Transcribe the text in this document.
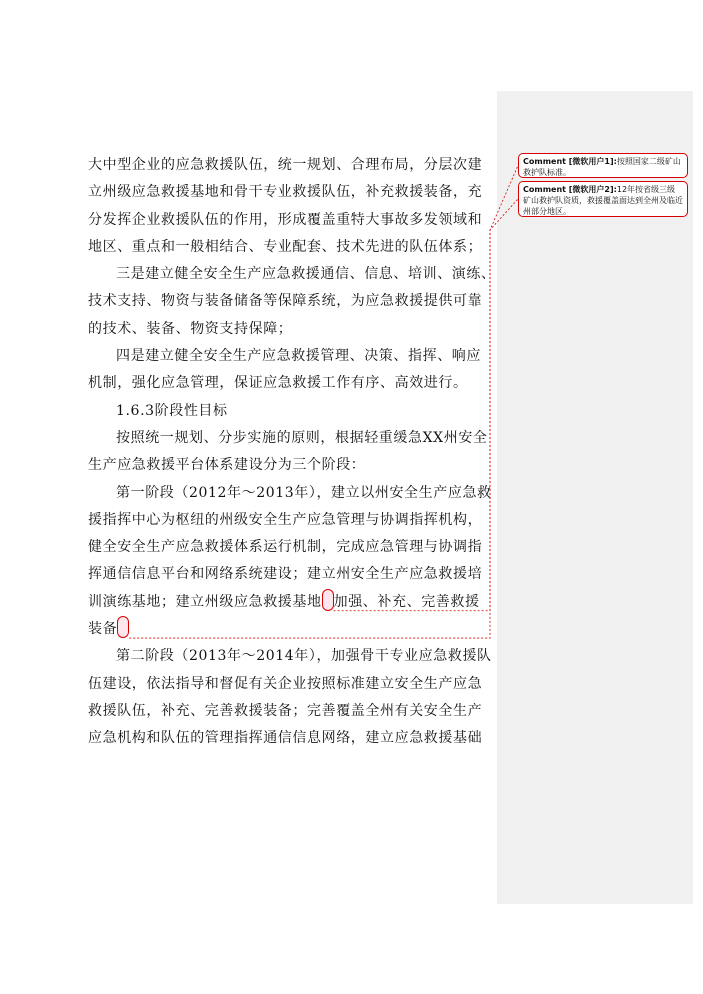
大中型企业的应急救援队伍，统一规划、合理布局，分层次建
立州级应急救援基地和骨干专业救援队伍，补充救援装备，充
分发挥企业救援队伍的作用，形成覆盖重特大事故多发领域和
地区、重点和一般相结合、专业配套、技术先进的队伍体系；
三是建立健全安全生产应急救援通信、信息、培训、演练、
技术支持、物资与装备储备等保障系统，为应急救援提供可靠
的技术、装备、物资支持保障；
四是建立健全安全生产应急救援管理、决策、指挥、响应
机制，强化应急管理，保证应急救援工作有序、高效进行。
1.6.3阶段性目标
按照统一规划、分步实施的原则，根据轻重缓急XX州安全
生产应急救援平台体系建设分为三个阶段：
第一阶段（2012年～2013年），建立以州安全生产应急救
援指挥中心为枢纽的州级安全生产应急管理与协调指挥机构，
健全安全生产应急救援体系运行机制，完成应急管理与协调指
挥通信信息平台和网络系统建设；建立州安全生产应急救援培
训演练基地；建立州级应急救援基地 加强、补充、完善救援
装备
第二阶段（2013年～2014年），加强骨干专业应急救援队
伍建设，依法指导和督促有关企业按照标准建立安全生产应急
救援队伍，补充、完善救援装备；完善覆盖全州有关安全生产
应急机构和队伍的管理指挥通信信息网络，建立应急救援基础
Comment [微软用户1]:按照国家二级矿山救护队标准。
Comment [微软用户2]:12年按省级三级矿山救护队资质，救援覆盖面达到全州及临近州部分地区。
